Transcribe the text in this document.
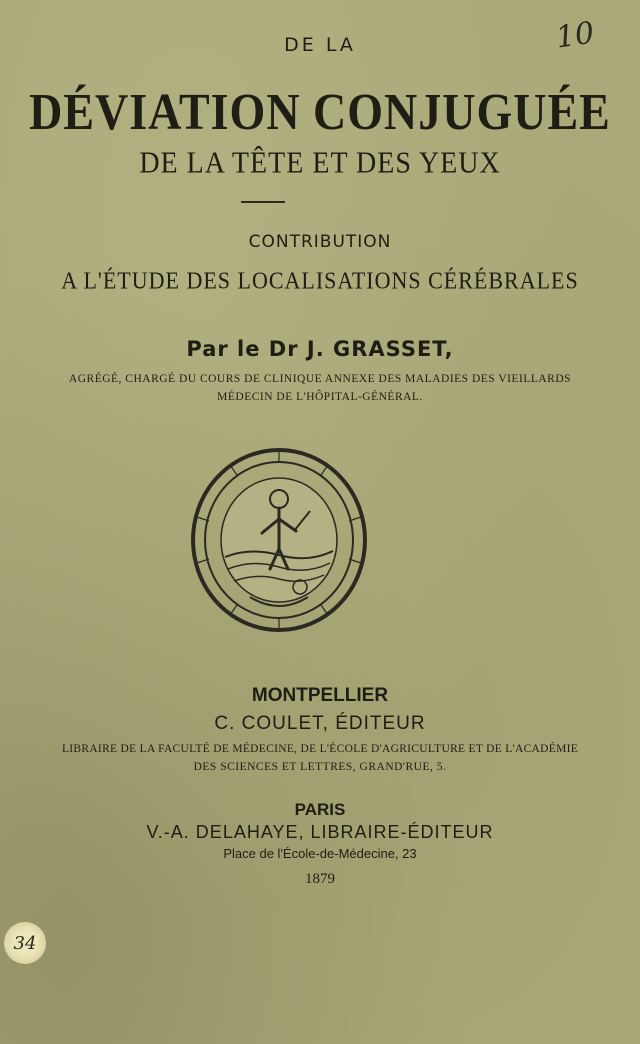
10
DE LA
DÉVIATION CONJUGUÉE
DE LA TÊTE ET DES YEUX
CONTRIBUTION
A L'ÉTUDE DES LOCALISATIONS CÉRÉBRALES
Par le Dr J. GRASSET,
AGRÉGÉ, CHARGÉ DU COURS DE CLINIQUE ANNEXE DES MALADIES DES VIEILLARDS
MÉDECIN DE L'HÔPITAL-GÉNÉRAL.
MONTPELLIER
C. COULET, ÉDITEUR
LIBRAIRE DE LA FACULTÉ DE MÉDECINE, DE L'ÉCOLE D'AGRICULTURE ET DE L'ACADÉMIE
DES SCIENCES ET LETTRES, GRAND'RUE, 5.
PARIS
V.-A. DELAHAYE, LIBRAIRE-ÉDITEUR
Place de l'École-de-Médecine, 23
1879
34
